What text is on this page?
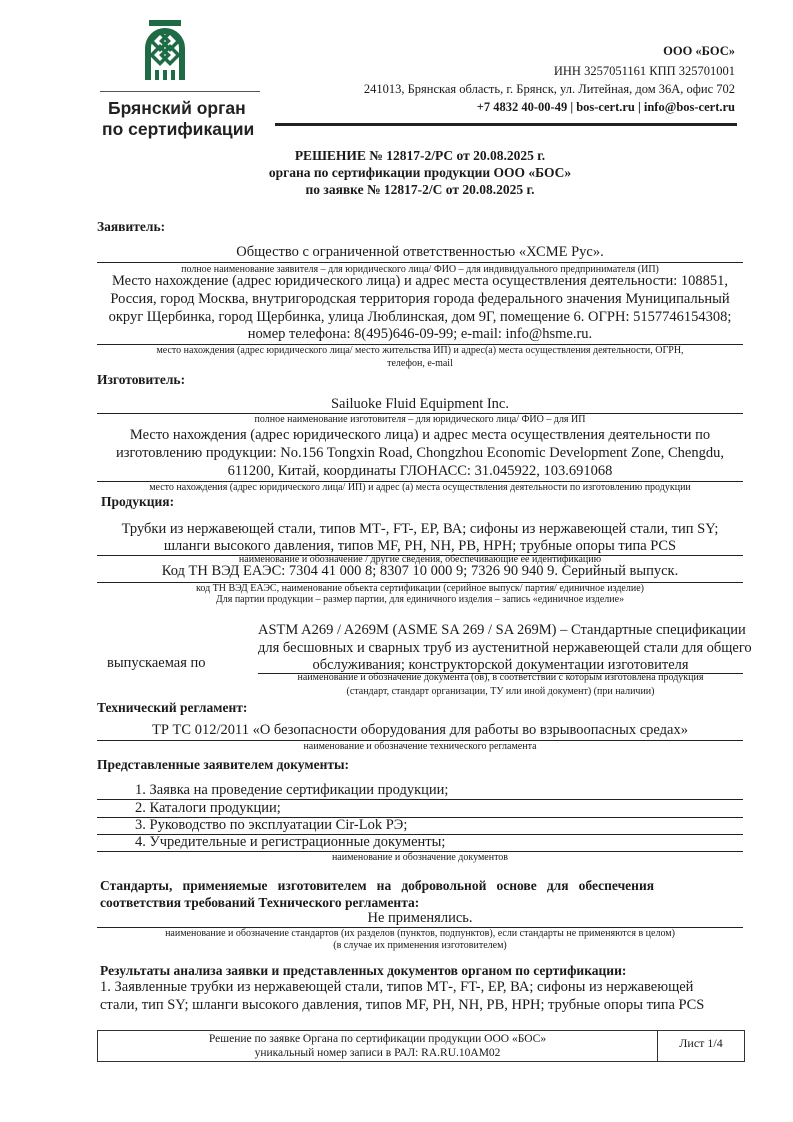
Брянский орган
по сертификации
ООО «БОС»
ИНН 3257051161 КПП 325701001
241013, Брянская область, г. Брянск, ул. Литейная, дом 36А, офис 702
+7 4832 40-00-49 | bos-cert.ru | info@bos-cert.ru
РЕШЕНИЕ № 12817-2/РС от 20.08.2025 г.
органа по сертификации продукции ООО «БОС»
по заявке № 12817-2/С от 20.08.2025 г.
Заявитель:
Общество с ограниченной ответственностью «ХСМЕ Рус».
полное наименование заявителя – для юридического лица/ ФИО – для индивидуального предпринимателя (ИП)
Место нахождение (адрес юридического лица) и адрес места осуществления деятельности: 108851,
Россия, город Москва, внутригородская территория города федерального значения Муниципальный
округ Щербинка, город Щербинка, улица Люблинская, дом 9Г, помещение 6. ОГРН: 5157746154308;
номер телефона: 8(495)646-09-99; e-mail: info@hsme.ru.
место нахождения (адрес юридического лица/ место жительства ИП) и адрес(а) места осуществления деятельности, ОГРН,
телефон, e-mail
Изготовитель:
Sailuoke Fluid Equipment Inc.
полное наименование изготовителя – для юридического лица/ ФИО – для ИП
Место нахождения (адрес юридического лица) и адрес места осуществления деятельности по
изготовлению продукции: No.156 Tongxin Road, Chongzhou Economic Development Zone, Chengdu,
611200, Китай, координаты ГЛОНАСС: 31.045922, 103.691068
место нахождения (адрес юридического лица/ ИП) и адрес (а) места осуществления деятельности по изготовлению продукции
Продукция:
Трубки из нержавеющей стали, типов МТ-, FT-, ЕР, ВА; сифоны из нержавеющей стали, тип SY;
шланги высокого давления, типов MF, PH, NH, PB, HPH; трубные опоры типа PCS
наименование и обозначение / другие сведения, обеспечивающие ее идентификацию
Код ТН ВЭД ЕАЭС: 7304 41 000 8; 8307 10 000 9; 7326 90 940 9. Серийный выпуск.
код ТН ВЭД ЕАЭС, наименование объекта сертификации (серийное выпуск/ партия/ единичное изделие)
Для партии продукции – размер партии, для единичного изделия – запись «единичное изделие»
выпускаемая по
ASTM A269 / A269M (ASME SA 269 / SA 269M) – Стандартные спецификации
для бесшовных и сварных труб из аустенитной нержавеющей стали для общего
обслуживания; конструкторской документации изготовителя
наименование и обозначение документа (ов), в соответствии с которым изготовлена продукция
(стандарт, стандарт организации, ТУ или иной документ) (при наличии)
Технический регламент:
ТР ТС 012/2011 «О безопасности оборудования для работы во взрывоопасных средах»
наименование и обозначение технического регламента
Представленные заявителем документы:
1. Заявка на проведение сертификации продукции;
2. Каталоги продукции;
3. Руководство по эксплуатации Cir-Lok РЭ;
4. Учредительные и регистрационные документы;
наименование и обозначение документов
Стандарты,   применяемые   изготовителем   на   добровольной   основе   для   обеспечения
соответствия требований Технического регламента:
Не применялись.
наименование и обозначение стандартов (их разделов (пунктов, подпунктов), если стандарты не применяются в целом)
(в случае их применения изготовителем)
Результаты анализа заявки и представленных документов органом по сертификации:
1. Заявленные трубки из нержавеющей стали, типов МТ-, FT-, ЕР, ВА; сифоны из нержавеющей
стали, тип SY; шланги высокого давления, типов MF, PH, NH, PB, HPH; трубные опоры типа PCS
Решение по заявке Органа по сертификации продукции ООО «БОС»
уникальный номер записи в РАЛ: RA.RU.10AM02
Лист 1/4
